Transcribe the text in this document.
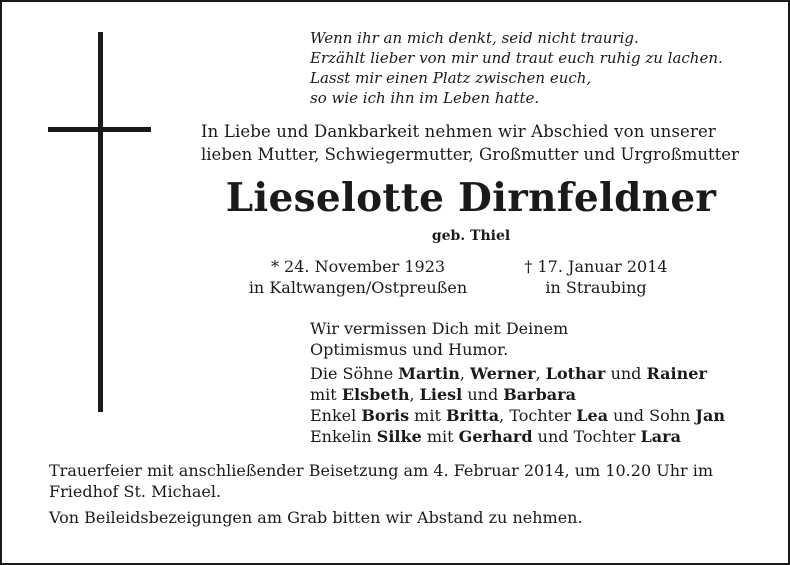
Wenn ihr an mich denkt, seid nicht traurig.
Erzählt lieber von mir und traut euch ruhig zu lachen.
Lasst mir einen Platz zwischen euch,
so wie ich ihn im Leben hatte.
In Liebe und Dankbarkeit nehmen wir Abschied von unserer
lieben Mutter, Schwiegermutter, Großmutter und Urgroßmutter
Lieselotte Dirnfeldner
geb. Thiel
* 24. November 1923
in Kaltwangen/Ostpreußen
† 17. Januar 2014
in Straubing
Wir vermissen Dich mit Deinem
Optimismus und Humor.
Die Söhne Martin, Werner, Lothar und Rainer
mit Elsbeth, Liesl und Barbara
Enkel Boris mit Britta, Tochter Lea und Sohn Jan
Enkelin Silke mit Gerhard und Tochter Lara
Trauerfeier mit anschließender Beisetzung am 4. Februar 2014, um 10.20 Uhr im Friedhof St. Michael.
Von Beileidsbezeigungen am Grab bitten wir Abstand zu nehmen.
